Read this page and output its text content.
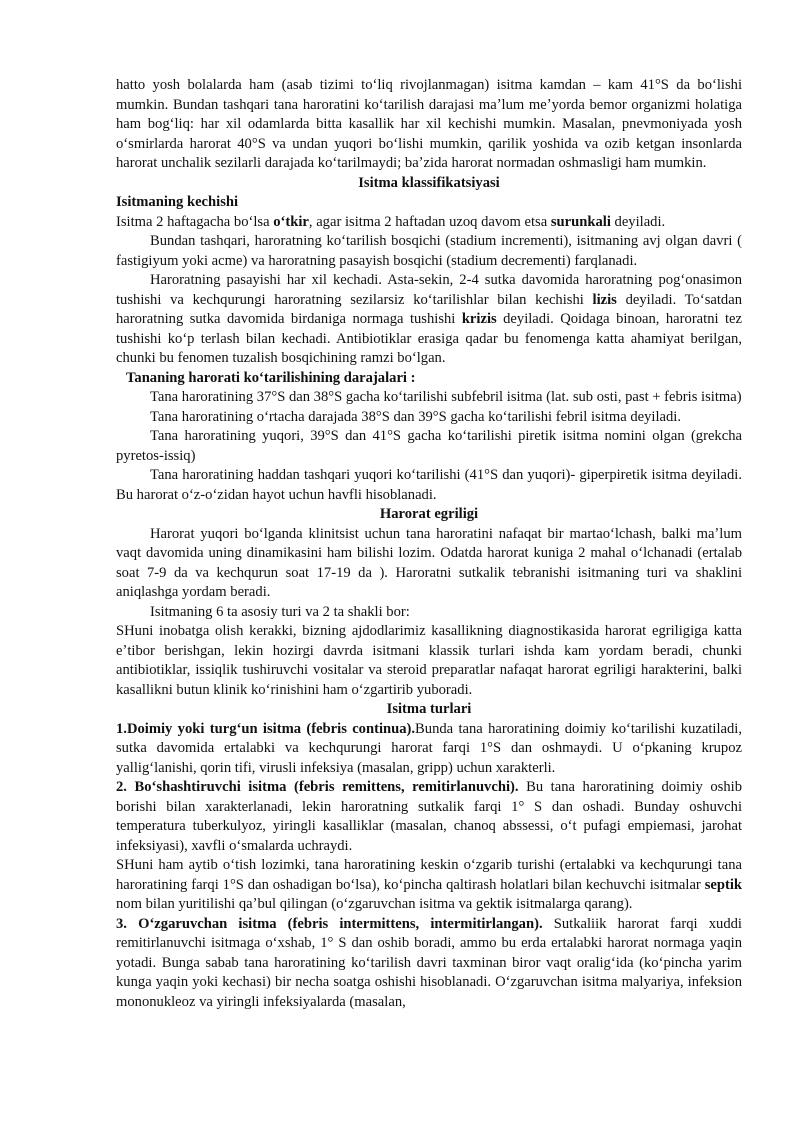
hatto yosh bolalarda ham (asab tizimi toʻliq rivojlanmagan) isitma kamdan – kam 41°S da boʻlishi mumkin. Bundan tashqari tana haroratini koʻtarilish darajasi maʼlum meʼyorda bemor organizmi holatiga ham bogʻliq: har xil odamlarda bitta kasallik har xil kechishi mumkin. Masalan, pnevmoniyada yosh oʻsmirlarda harorat 40°S va undan yuqori boʻlishi mumkin, qarilik yoshida va ozib ketgan insonlarda harorat unchalik sezilarli darajada koʻtarilmaydi; baʼzida harorat normadan oshmasligi ham mumkin.

Isitma klassifikatsiyasi

Isitmaning kechishi

Isitma 2 haftagacha boʻlsa oʻtkir, agar isitma 2 haftadan uzoq davom etsa surunkali deyiladi.

Bundan tashqari, haroratning koʻtarilish bosqichi (stadium incrementi), isitmaning avj olgan davri ( fastigiyum yoki acme) va haroratning pasayish bosqichi (stadium decrementi) farqlanadi.

Haroratning pasayishi har xil kechadi. Asta-sekin, 2-4 sutka davomida haroratning pogʻonasimon tushishi va kechqurungi haroratning sezilarsiz koʻtarilishlar bilan kechishi lizis deyiladi. Toʻsatdan haroratning sutka davomida birdaniga normaga tushishi krizis deyiladi. Qoidaga binoan, haroratni tez tushishi koʻp terlash bilan kechadi. Antibiotiklar erasiga qadar bu fenomenga katta ahamiyat berilgan, chunki bu fenomen tuzalish bosqichining ramzi boʻlgan.

Tananing harorati koʻtarilishining darajalari :

Tana haroratining 37°S dan 38°S gacha koʻtarilishi subfebril isitma (lat. sub osti, past + febris isitma)

Tana haroratining oʻrtacha darajada 38°S dan 39°S gacha koʻtarilishi febril isitma deyiladi.

Tana haroratining yuqori, 39°S dan 41°S gacha koʻtarilishi piretik isitma nomini olgan (grekcha pyretos-issiq)

Tana haroratining haddan tashqari yuqori koʻtarilishi (41°S dan yuqori)- giperpiretik isitma deyiladi. Bu harorat oʻz-oʻzidan hayot uchun havfli hisoblanadi.

Harorat egriligi

Harorat yuqori boʻlganda klinitsist uchun tana haroratini nafaqat bir martaoʻlchash, balki maʼlum vaqt davomida uning dinamikasini ham bilishi lozim. Odatda harorat kuniga 2 mahal oʻlchanadi (ertalab soat 7-9 da va kechqurun soat 17-19 da ). Haroratni sutkalik tebranishi isitmaning turi va shaklini aniqlashga yordam beradi.

Isitmaning 6 ta asosiy turi va 2 ta shakli bor:

SHuni inobatga olish kerakki, bizning ajdodlarimiz kasallikning diagnostikasida harorat egriligiga katta eʼtibor berishgan, lekin hozirgi davrda isitmani klassik turlari ishda kam yordam beradi, chunki antibiotiklar, issiqlik tushiruvchi vositalar va steroid preparatlar nafaqat harorat egriligi harakterini, balki kasallikni butun klinik koʻrinishini ham oʻzgartirib yuboradi.

Isitma turlari

1.Doimiy yoki turgʻun isitma (febris continua).Bunda tana haroratining doimiy koʻtarilishi kuzatiladi, sutka davomida ertalabki va kechqurungi harorat farqi 1°S dan oshmaydi. U oʻpkaning krupoz yalligʻlanishi, qorin tifi, virusli infeksiya (masalan, gripp) uchun xarakterli.

2. Boʻshashtiruvchi isitma (febris remittens, remitirlanuvchi). Bu tana haroratining doimiy oshib borishi bilan xarakterlanadi, lekin haroratning sutkalik farqi 1° S dan oshadi. Bunday oshuvchi temperatura tuberkulyoz, yiringli kasalliklar (masalan, chanoq abssessi, oʻt pufagi empiemasi, jarohat infeksiyasi), xavfli oʻsmalarda uchraydi.

SHuni ham aytib oʻtish lozimki, tana haroratining keskin oʻzgarib turishi (ertalabki va kechqurungi tana haroratining farqi 1°S dan oshadigan boʻlsa), koʻpincha qaltirash holatlari bilan kechuvchi isitmalar septik nom bilan yuritilishi qaʼbul qilingan (oʻzgaruvchan isitma va gektik isitmalarga qarang).

3. Oʻzgaruvchan isitma (febris intermittens, intermitirlangan). Sutkaliik harorat farqi xuddi remitirlanuvchi isitmaga oʻxshab, 1° S dan oshib boradi, ammo bu erda ertalabki harorat normaga yaqin yotadi. Bunga sabab tana haroratining koʻtarilish davri taxminan biror vaqt oraligʻida (koʻpincha yarim kunga yaqin yoki kechasi) bir necha soatga oshishi hisoblanadi. Oʻzgaruvchan isitma malyariya, infeksion mononukleoz va yiringli infeksiyalarda (masalan,
